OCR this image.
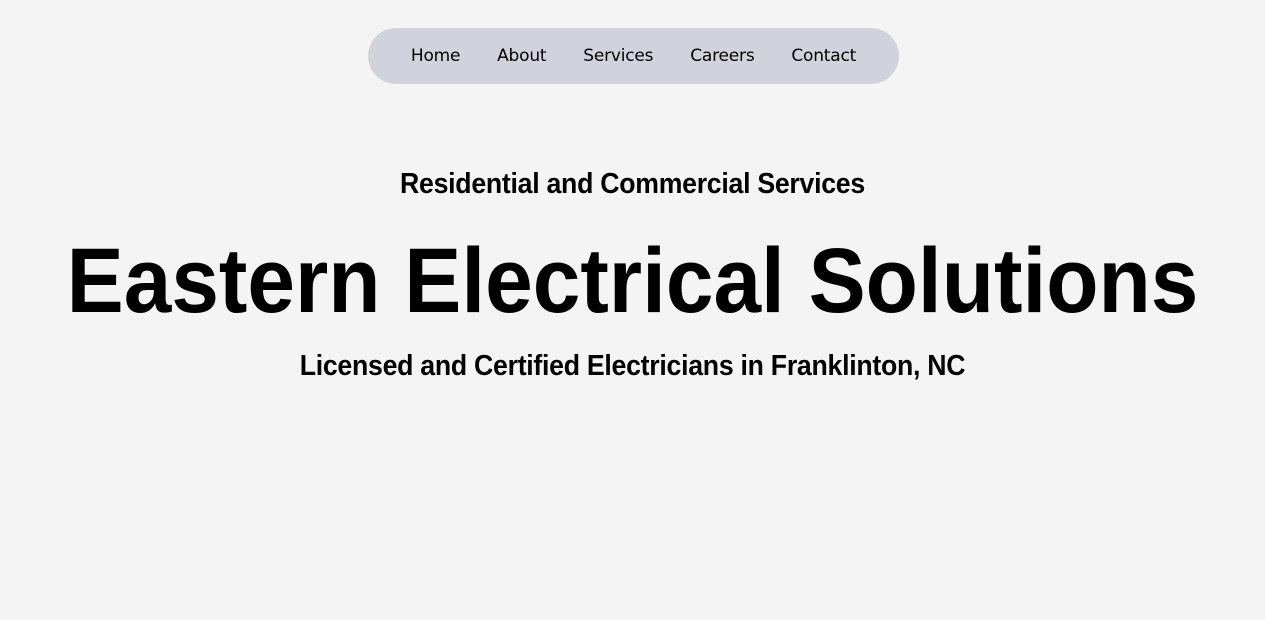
Home About Services Careers Contact
Residential and Commercial Services
Eastern Electrical Solutions
Licensed and Certified Electricians in Franklinton, NC
